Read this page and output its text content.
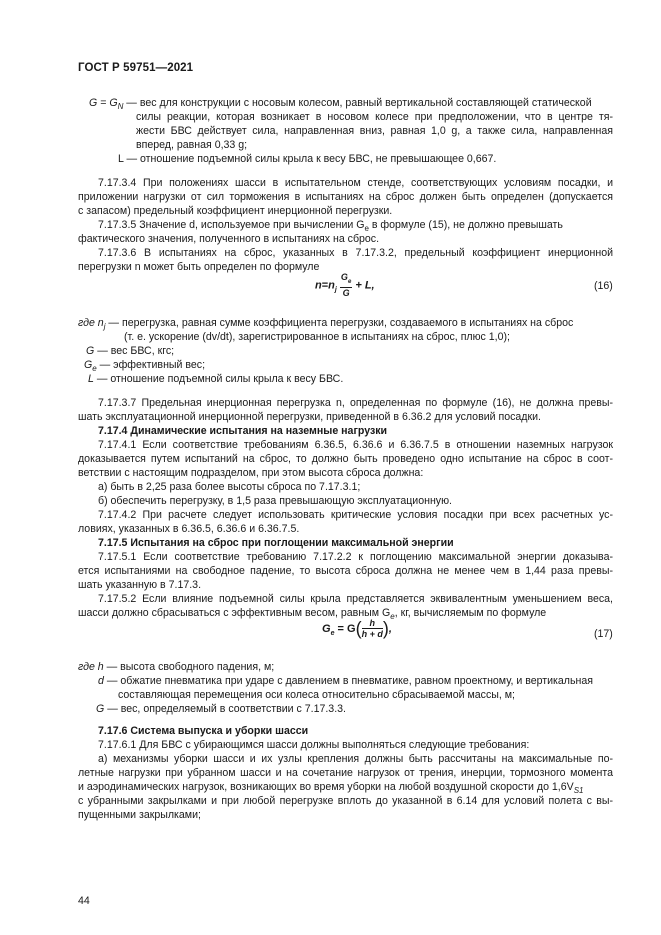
ГОСТ Р 59751—2021
$G = G_N$ — вес для конструкции с носовым колесом, равный вертикальной составляющей статической
силы реакции, которая возникает в носовом колесе при предположении, что в центре тя-
жести БВС действует сила, направленная вниз, равная 1,0 g, а также сила, направленная
вперед, равная 0,33 g;
L — отношение подъемной силы крыла к весу БВС, не превышающее 0,667.
7.17.3.4 При положениях шасси в испытательном стенде, соответствующих условиям посадки, и
приложении нагрузки от сил торможения в испытаниях на сброс должен быть определен (допускается
с запасом) предельный коэффициент инерционной перегрузки.
7.17.3.5 Значение d, используемое при вычислении $G_e$ в формуле (15), не должно превышать
фактического значения, полученного в испытаниях на сброс.
7.17.3.6 В испытаниях на сброс, указанных в 7.17.3.2, предельный коэффициент инерционной
перегрузки n может быть определен по формуле
$n=n_j \frac{G_e}{G} + L$,	(16)
где $n_j$ — перегрузка, равная сумме коэффициента перегрузки, создаваемого в испытаниях на сброс
(т. е. ускорение (dv/dt), зарегистрированное в испытаниях на сброс, плюс 1,0);
G — вес БВС, кгс;
$G_e$ — эффективный вес;
L — отношение подъемной силы крыла к весу БВС.
7.17.3.7 Предельная инерционная перегрузка n, определенная по формуле (16), не должна превы-
шать эксплуатационной инерционной перегрузки, приведенной в 6.36.2 для условий посадки.
7.17.4 Динамические испытания на наземные нагрузки
7.17.4.1 Если соответствие требованиям 6.36.5, 6.36.6 и 6.36.7.5 в отношении наземных нагрузок
доказывается путем испытаний на сброс, то должно быть проведено одно испытание на сброс в соот-
ветствии с настоящим подразделом, при этом высота сброса должна:
а) быть в 2,25 раза более высоты сброса по 7.17.3.1;
б) обеспечить перегрузку, в 1,5 раза превышающую эксплуатационную.
7.17.4.2 При расчете следует использовать критические условия посадки при всех расчетных ус-
ловиях, указанных в 6.36.5, 6.36.6 и 6.36.7.5.
7.17.5 Испытания на сброс при поглощении максимальной энергии
7.17.5.1 Если соответствие требованию 7.17.2.2 к поглощению максимальной энергии доказыва-
ется испытаниями на свободное падение, то высота сброса должна не менее чем в 1,44 раза превы-
шать указанную в 7.17.3.
7.17.5.2 Если влияние подъемной силы крыла представляется эквивалентным уменьшением веса,
шасси должно сбрасываться с эффективным весом, равным $G_e$, кг, вычисляемым по формуле
$G_e = G( \frac{h}{h + d}$ ),	(17)
где h — высота свободного падения, м;
d — обжатие пневматика при ударе с давлением в пневматике, равном проектному, и вертикальная
составляющая перемещения оси колеса относительно сбрасываемой массы, м;
G — вес, определяемый в соответствии с 7.17.3.3.
7.17.6 Система выпуска и уборки шасси
7.17.6.1 Для БВС с убирающимся шасси должны выполняться следующие требования:
а) механизмы уборки шасси и их узлы крепления должны быть рассчитаны на максимальные по-
летные нагрузки при убранном шасси и на сочетание нагрузок от трения, инерции, тормозного момента
и аэродинамических нагрузок, возникающих во время уборки на любой воздушной скорости до $1,6V_{S1}$
с убранными закрылками и при любой перегрузке вплоть до указанной в 6.14 для условий полета с вы-
пущенными закрылками;
44
